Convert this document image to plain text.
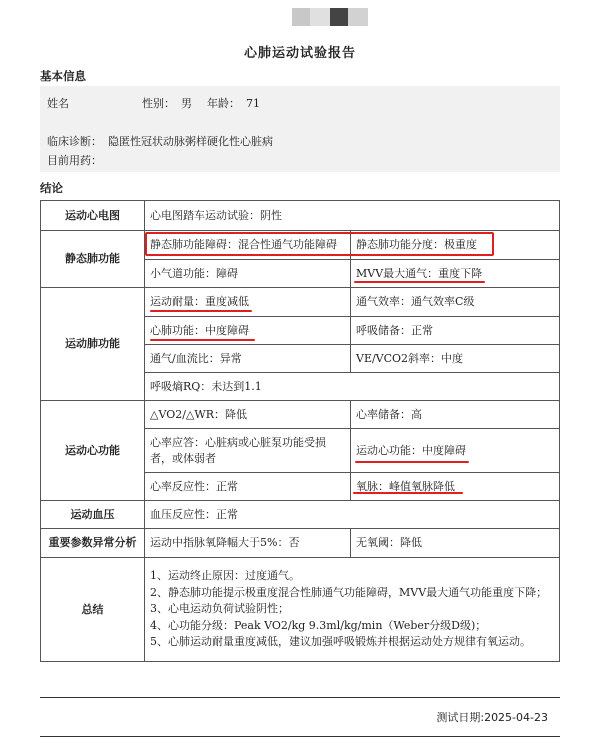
心肺运动试验报告
基本信息
姓名	性别： 男	年龄： 71
临床诊断： 隐匿性冠状动脉粥样硬化性心脏病
目前用药：
结论
运动心电图	心电图踏车运动试验：阴性	
静态肺功能	静态肺功能障碍：混合性通气功能障碍	静态肺功能分度：极重度
	小气道功能：障碍	MVV最大通气：重度下降
运动肺功能	运动耐量：重度减低	通气效率：通气效率C级
	心肺功能：中度障碍	呼吸储备：正常
	通气/血流比：异常	VE/VCO2斜率：中度
	呼吸熵RQ：未达到1.1	
运动心功能	△VO2/△WR：降低	心率储备：高
	心率应答：心脏病或心脏泵功能受损者，或体弱者	运动心功能：中度障碍
	心率反应性：正常	氧脉：峰值氧脉降低
运动血压	血压反应性：正常	
重要参数异常分析	运动中指脉氧降幅大于5%：否	无氧阈：降低
总结	1、运动终止原因：过度通气。
2、静态肺功能提示极重度混合性肺通气功能障碍，MVV最大通气功能重度下降；
3、心电运动负荷试验阴性；
4、心功能分级：Peak VO2/kg 9.3ml/kg/min（Weber分级D级)；
5、心肺运动耐量重度减低，建议加强呼吸锻炼并根据运动处方规律有氧运动。	
测试日期:2025-04-23
